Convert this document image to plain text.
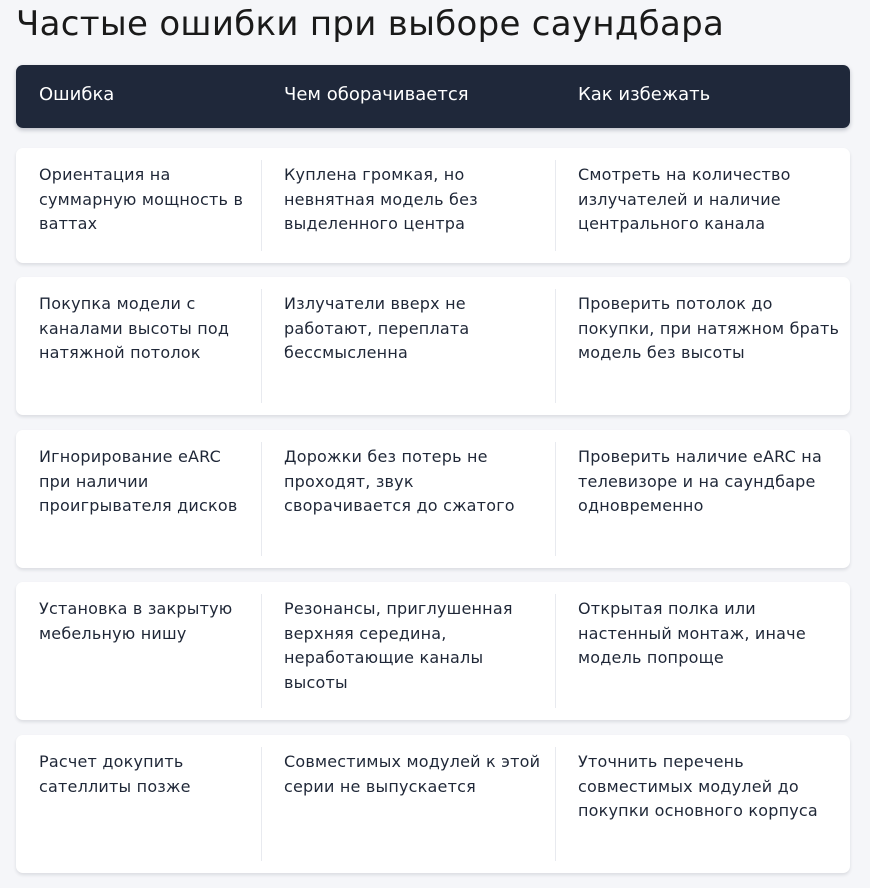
Частые ошибки при выборе саундбара
Ошибка	Чем оборачивается	Как избежать
Ориентация на суммарную мощность в ваттах
Куплена громкая, но невнятная модель без выделенного центра
Смотреть на количество излучателей и наличие центрального канала
Покупка модели с каналами высоты под натяжной потолок
Излучатели вверх не работают, переплата бессмысленна
Проверить потолок до покупки, при натяжном брать модель без высоты
Игнорирование eARC при наличии проигрывателя дисков
Дорожки без потерь не проходят, звук сворачивается до сжатого
Проверить наличие eARC на телевизоре и на саундбаре одновременно
Установка в закрытую мебельную нишу
Резонансы, приглушенная верхняя середина, неработающие каналы высоты
Открытая полка или настенный монтаж, иначе модель попроще
Расчет докупить сателлиты позже
Совместимых модулей к этой серии не выпускается
Уточнить перечень совместимых модулей до покупки основного корпуса
